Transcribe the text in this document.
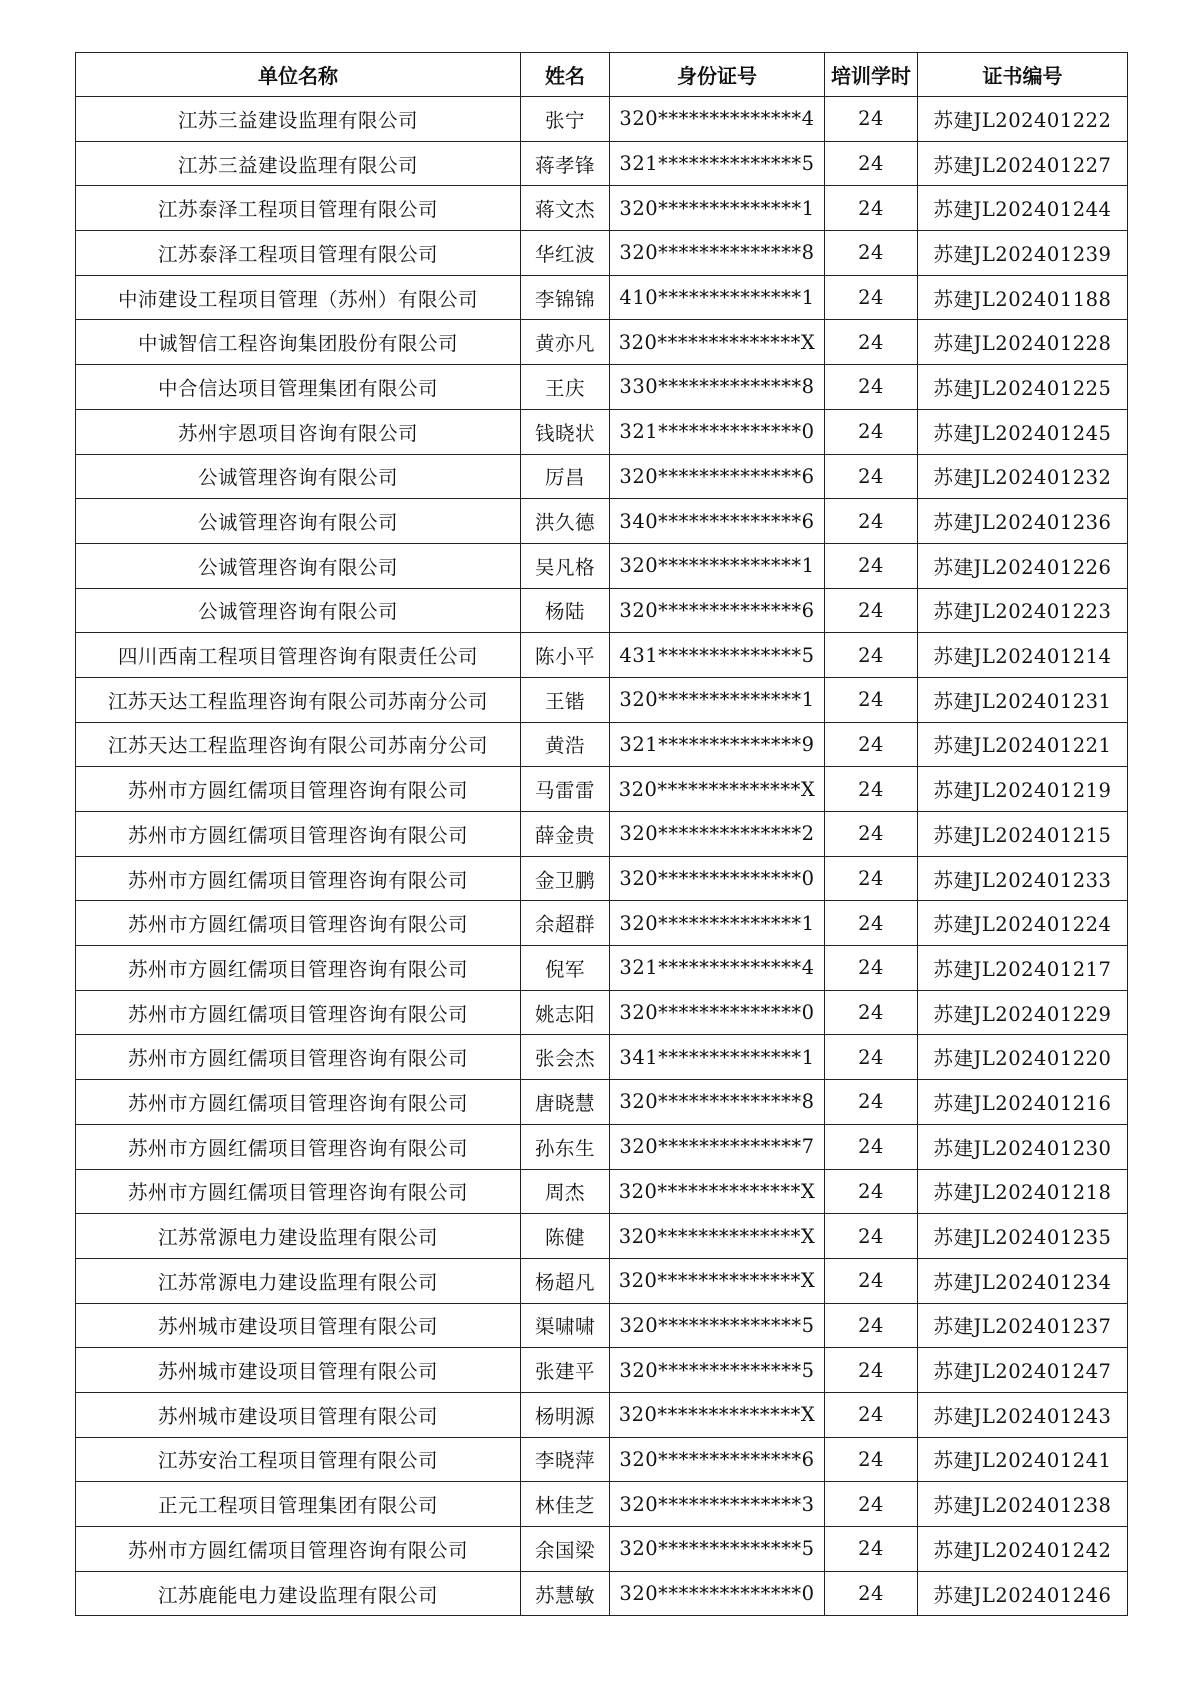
单位名称	姓名	身份证号	培训学时	证书编号
江苏三益建设监理有限公司	张宁	320**************4	24	苏建JL202401222
江苏三益建设监理有限公司	蒋孝锋	321**************5	24	苏建JL202401227
江苏泰泽工程项目管理有限公司	蒋文杰	320**************1	24	苏建JL202401244
江苏泰泽工程项目管理有限公司	华红波	320**************8	24	苏建JL202401239
中沛建设工程项目管理（苏州）有限公司	李锦锦	410**************1	24	苏建JL202401188
中诚智信工程咨询集团股份有限公司	黄亦凡	320**************X	24	苏建JL202401228
中合信达项目管理集团有限公司	王庆	330**************8	24	苏建JL202401225
苏州宇恩项目咨询有限公司	钱晓状	321**************0	24	苏建JL202401245
公诚管理咨询有限公司	厉昌	320**************6	24	苏建JL202401232
公诚管理咨询有限公司	洪久德	340**************6	24	苏建JL202401236
公诚管理咨询有限公司	吴凡格	320**************1	24	苏建JL202401226
公诚管理咨询有限公司	杨陆	320**************6	24	苏建JL202401223
四川西南工程项目管理咨询有限责任公司	陈小平	431**************5	24	苏建JL202401214
江苏天达工程监理咨询有限公司苏南分公司	王锴	320**************1	24	苏建JL202401231
江苏天达工程监理咨询有限公司苏南分公司	黄浩	321**************9	24	苏建JL202401221
苏州市方圆红儒项目管理咨询有限公司	马雷雷	320**************X	24	苏建JL202401219
苏州市方圆红儒项目管理咨询有限公司	薛金贵	320**************2	24	苏建JL202401215
苏州市方圆红儒项目管理咨询有限公司	金卫鹏	320**************0	24	苏建JL202401233
苏州市方圆红儒项目管理咨询有限公司	余超群	320**************1	24	苏建JL202401224
苏州市方圆红儒项目管理咨询有限公司	倪军	321**************4	24	苏建JL202401217
苏州市方圆红儒项目管理咨询有限公司	姚志阳	320**************0	24	苏建JL202401229
苏州市方圆红儒项目管理咨询有限公司	张会杰	341**************1	24	苏建JL202401220
苏州市方圆红儒项目管理咨询有限公司	唐晓慧	320**************8	24	苏建JL202401216
苏州市方圆红儒项目管理咨询有限公司	孙东生	320**************7	24	苏建JL202401230
苏州市方圆红儒项目管理咨询有限公司	周杰	320**************X	24	苏建JL202401218
江苏常源电力建设监理有限公司	陈健	320**************X	24	苏建JL202401235
江苏常源电力建设监理有限公司	杨超凡	320**************X	24	苏建JL202401234
苏州城市建设项目管理有限公司	渠啸啸	320**************5	24	苏建JL202401237
苏州城市建设项目管理有限公司	张建平	320**************5	24	苏建JL202401247
苏州城市建设项目管理有限公司	杨明源	320**************X	24	苏建JL202401243
江苏安治工程项目管理有限公司	李晓萍	320**************6	24	苏建JL202401241
正元工程项目管理集团有限公司	林佳芝	320**************3	24	苏建JL202401238
苏州市方圆红儒项目管理咨询有限公司	余国梁	320**************5	24	苏建JL202401242
江苏鹿能电力建设监理有限公司	苏慧敏	320**************0	24	苏建JL202401246
